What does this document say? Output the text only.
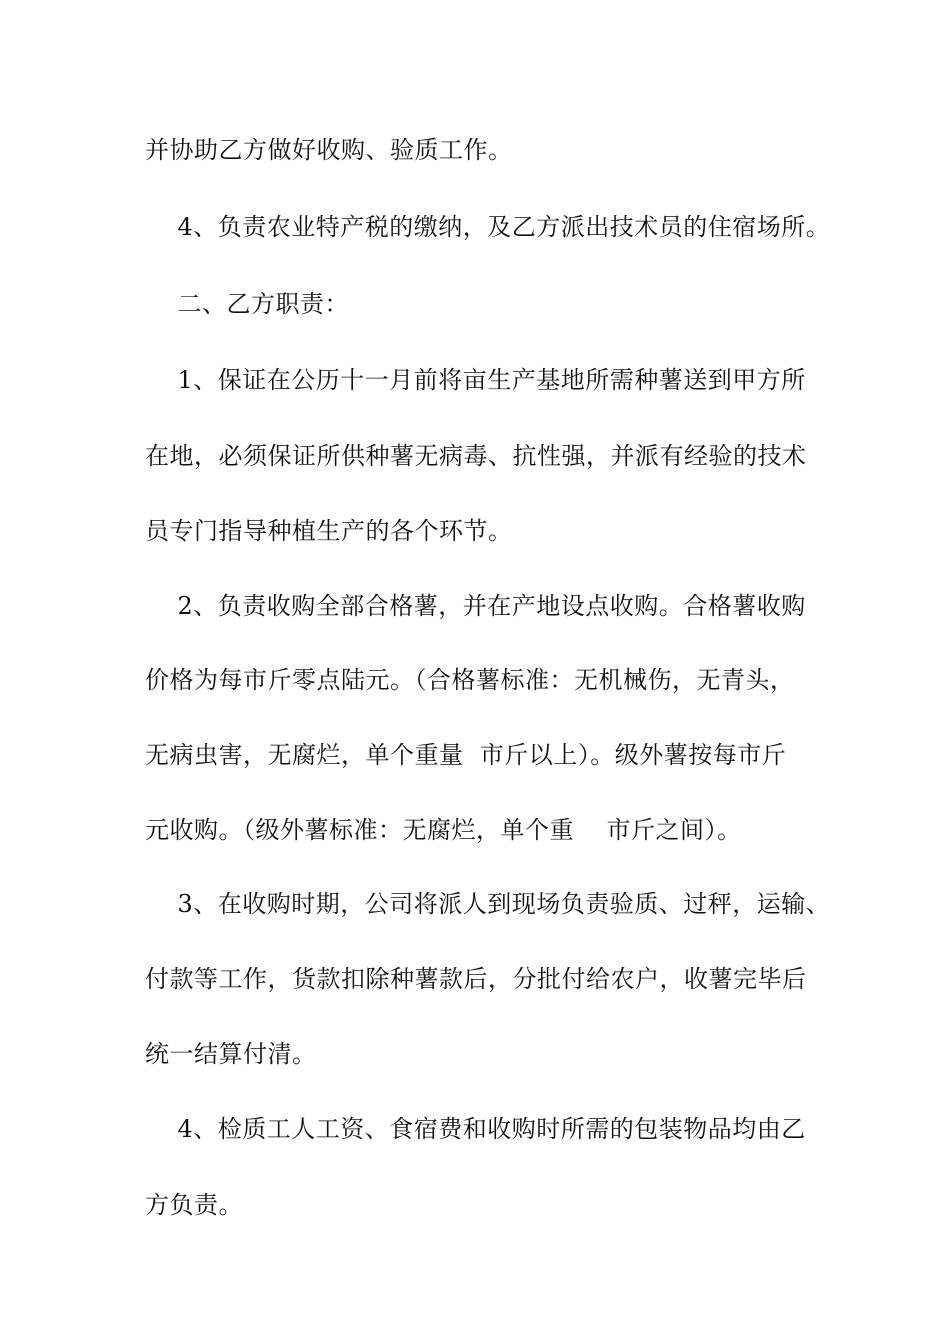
并协助乙方做好收购、验质工作。
4、负责农业特产税的缴纳，及乙方派出技术员的住宿场所。
二、乙方职责：
1、保证在公历十一月前将亩生产基地所需种薯送到甲方所
在地，必须保证所供种薯无病毒、抗性强，并派有经验的技术
员专门指导种植生产的各个环节。
2、负责收购全部合格薯，并在产地设点收购。合格薯收购
价格为每市斤零点陆元。（合格薯标准：无机械伤，无青头，
无病虫害，无腐烂，单个重量  市斤以上）。级外薯按每市斤
元收购。（级外薯标准：无腐烂，单个重    市斤之间）。
3、在收购时期，公司将派人到现场负责验质、过秤，运输、
付款等工作，货款扣除种薯款后，分批付给农户，收薯完毕后
统一结算付清。
4、检质工人工资、食宿费和收购时所需的包装物品均由乙
方负责。
